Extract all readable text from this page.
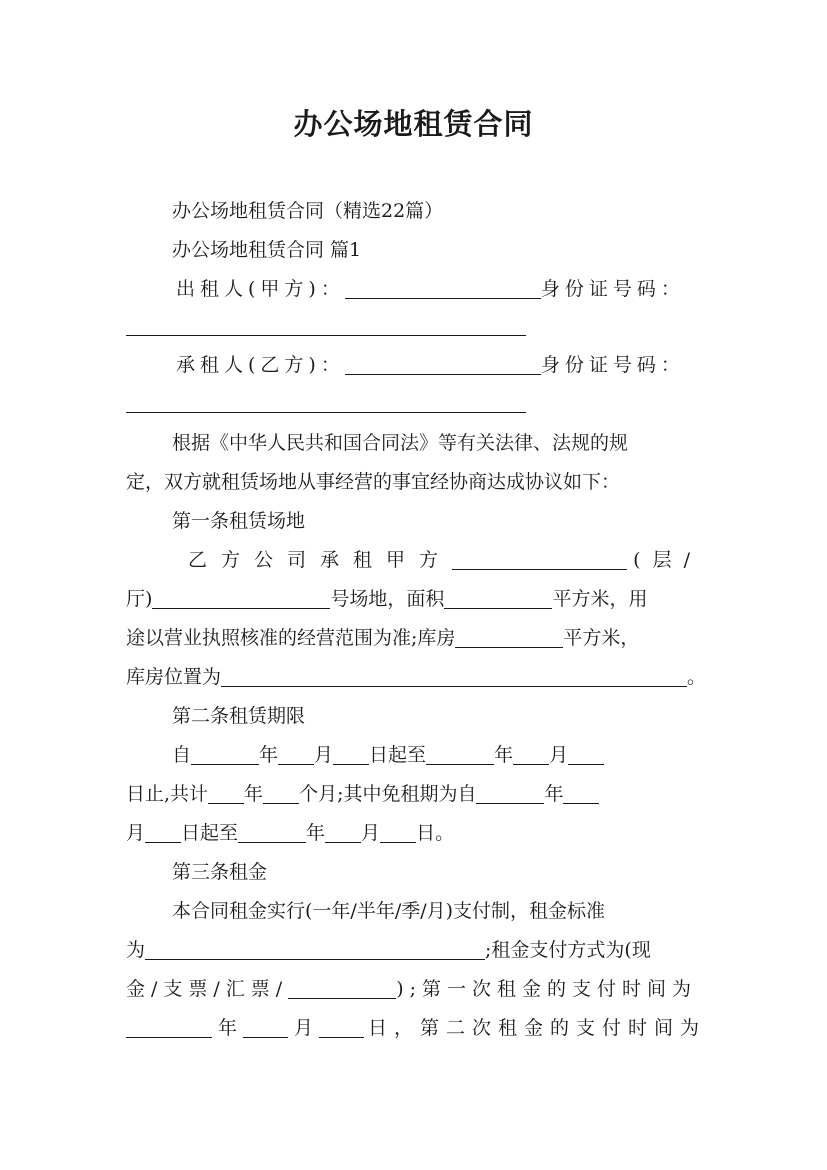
办公场地租赁合同
办公场地租赁合同（精选22篇）
办公场地租赁合同 篇1
出租人(甲方)：	身份证号码：
承租人(乙方)：	身份证号码：
根据《中华人民共和国合同法》等有关法律、法规的规
定，双方就租赁场地从事经营的事宜经协商达成协议如下：
第一条租赁场地
乙方公司承租甲方	(层/
厅)	号场地，面积	平方米，用
途以营业执照核准的经营范围为准;库房	平方米，
库房位置为	。
第二条租赁期限
自	年 月 日起至	年 月
日止,共计 年 个月;其中免租期为自	年
月 日起至	年 月 日。
第三条租金
本合同租金实行(一年/半年/季/月)支付制，租金标准
为	;租金支付方式为(现
金/支票/汇票/	);第一次租金的支付时间为
年	月	日，第二次租金的支付时间为
